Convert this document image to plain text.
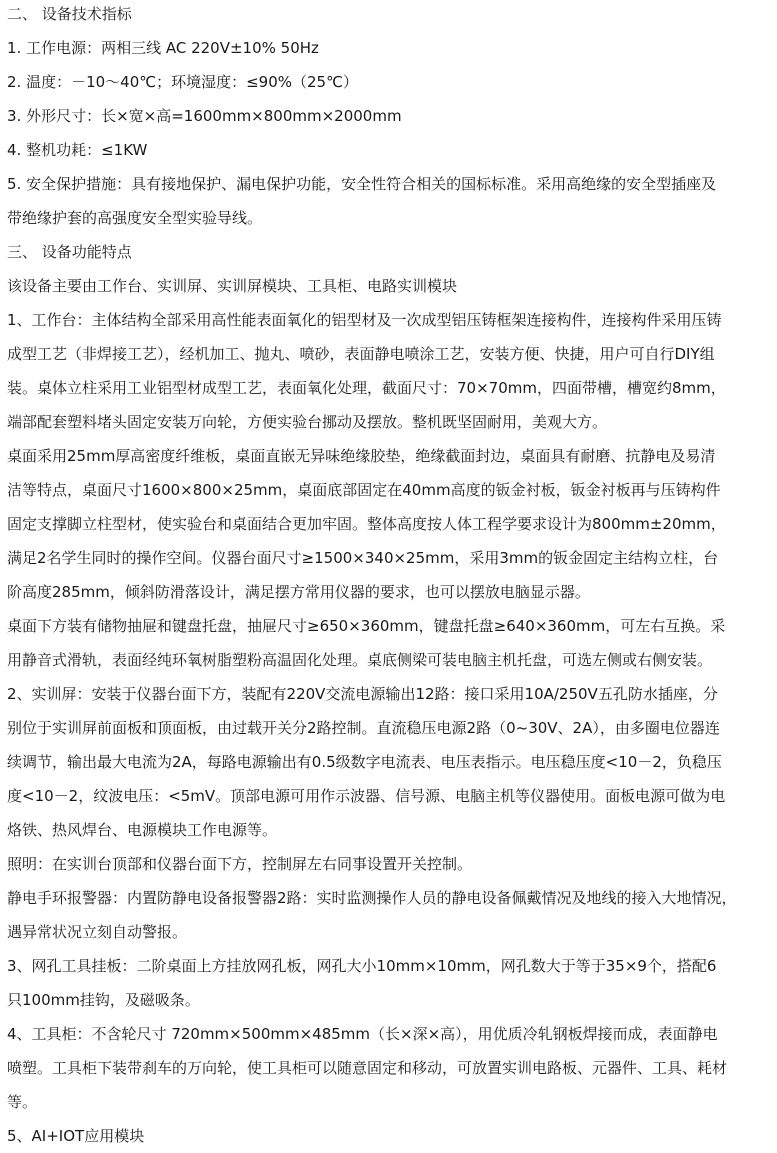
二、 设备技术指标
1. 工作电源：两相三线 AC 220V±10% 50Hz
2. 温度：－10～40℃；环境湿度：≤90%（25℃）
3. 外形尺寸：长×宽×高=1600mm×800mm×2000mm
4. 整机功耗：≤1KW
5. 安全保护措施：具有接地保护、漏电保护功能，安全性符合相关的国标标准。采用高绝缘的安全型插座及
带绝缘护套的高强度安全型实验导线。
三、 设备功能特点
该设备主要由工作台、实训屏、实训屏模块、工具柜、电路实训模块
1、工作台：主体结构全部采用高性能表面氧化的铝型材及一次成型铝压铸框架连接构件，连接构件采用压铸
成型工艺（非焊接工艺），经机加工、抛丸、喷砂，表面静电喷涂工艺，安装方便、快捷，用户可自行DIY组
装。桌体立柱采用工业铝型材成型工艺，表面氧化处理，截面尺寸：70×70mm，四面带槽，槽宽约8mm，
端部配套塑料堵头固定安装万向轮，方便实验台挪动及摆放。整机既坚固耐用，美观大方。
桌面采用25mm厚高密度纤维板，桌面直嵌无异味绝缘胶垫，绝缘截面封边，桌面具有耐磨、抗静电及易清
洁等特点，桌面尺寸1600×800×25mm，桌面底部固定在40mm高度的钣金衬板，钣金衬板再与压铸构件
固定支撑脚立柱型材，使实验台和桌面结合更加牢固。整体高度按人体工程学要求设计为800mm±20mm，
满足2名学生同时的操作空间。仪器台面尺寸≥1500×340×25mm，采用3mm的钣金固定主结构立柱，台
阶高度285mm，倾斜防滑落设计，满足摆方常用仪器的要求，也可以摆放电脑显示器。
桌面下方装有储物抽屉和键盘托盘，抽屉尺寸≥650×360mm，键盘托盘≥640×360mm，可左右互换。采
用静音式滑轨，表面经纯环氧树脂塑粉高温固化处理。桌底侧梁可装电脑主机托盘，可选左侧或右侧安装。
2、实训屏：安装于仪器台面下方，装配有220V交流电源输出12路：接口采用10A/250V五孔防水插座，分
别位于实训屏前面板和顶面板，由过载开关分2路控制。直流稳压电源2路（0~30V、2A），由多圈电位器连
续调节，输出最大电流为2A，每路电源输出有0.5级数字电流表、电压表指示。电压稳压度<10－2，负稳压
度<10－2，纹波电压：<5mV。顶部电源可用作示波器、信号源、电脑主机等仪器使用。面板电源可做为电
烙铁、热风焊台、电源模块工作电源等。
照明：在实训台顶部和仪器台面下方，控制屏左右同事设置开关控制。
静电手环报警器：内置防静电设备报警器2路：实时监测操作人员的静电设备佩戴情况及地线的接入大地情况，
遇异常状况立刻自动警报。
3、网孔工具挂板：二阶桌面上方挂放网孔板，网孔大小10mm×10mm，网孔数大于等于35×9个，搭配6
只100mm挂钩，及磁吸条。
4、工具柜：不含轮尺寸 720mm×500mm×485mm（长×深×高），用优质冷轧钢板焊接而成，表面静电
喷塑。工具柜下装带刹车的万向轮，使工具柜可以随意固定和移动，可放置实训电路板、元器件、工具、耗材
等。
5、AI+IOT应用模块
